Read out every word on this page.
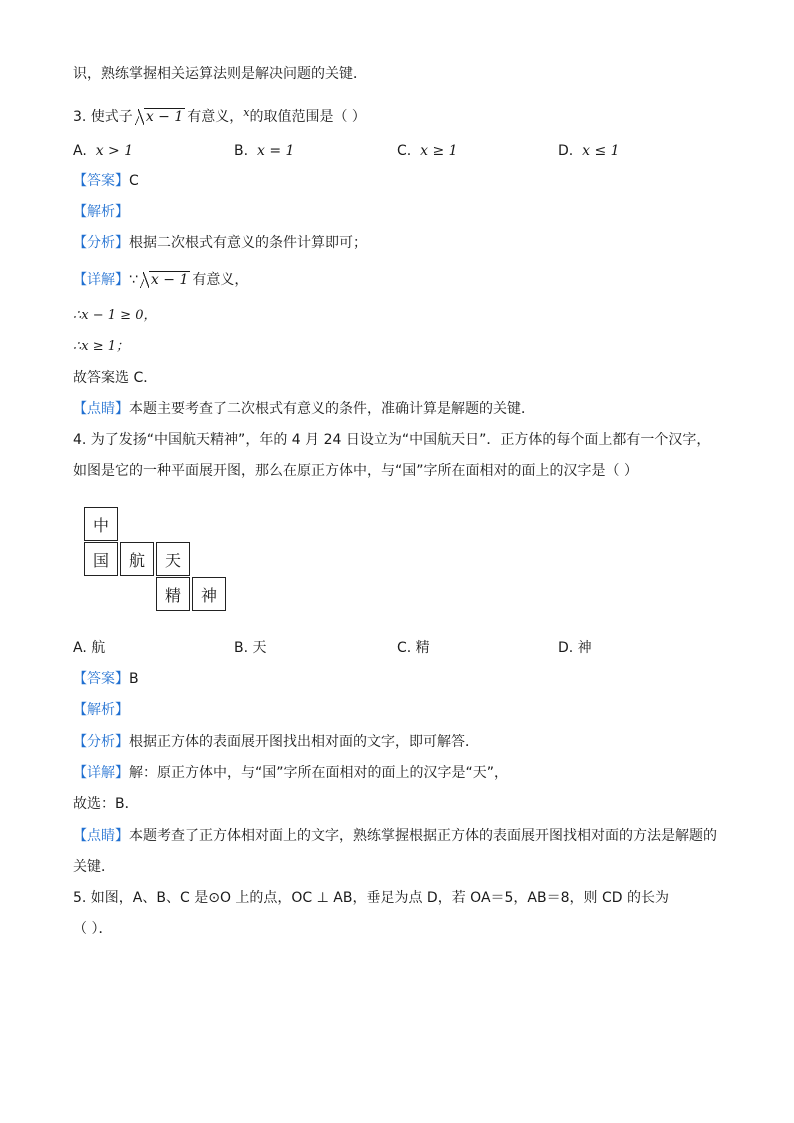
识，熟练掌握相关运算法则是解决问题的关键．
3. 使式子 x − 1 有意义，$^x$的取值范围是（ ）
A. x > 1	B. x = 1	C. x ≥ 1	D. x ≤ 1
【答案】C
【解析】
【分析】根据二次根式有意义的条件计算即可；
【详解】∵ x − 1 有意义，
∴x − 1 ≥ 0，
∴x ≥ 1；
故答案选 C．
【点睛】本题主要考查了二次根式有意义的条件，准确计算是解题的关键．
4. 为了发扬“中国航天精神”，年的 4 月 24 日设立为“中国航天日”．正方体的每个面上都有一个汉字，
如图是它的一种平面展开图，那么在原正方体中，与“国”字所在面相对的面上的汉字是（ ）
中
国	航	天
精	神
A. 航	B. 天	C. 精	D. 神
【答案】B
【解析】
【分析】根据正方体的表面展开图找出相对面的文字，即可解答．
【详解】解：原正方体中，与“国”字所在面相对的面上的汉字是“天”，
故选：B．
【点睛】本题考查了正方体相对面上的文字，熟练掌握根据正方体的表面展开图找相对面的方法是解题的
关键．
5. 如图，A、B、C 是⊙O 上的点，OC ⊥ AB，垂足为点 D，若 OA＝5，AB＝8，则 CD 的长为
（ ）．
